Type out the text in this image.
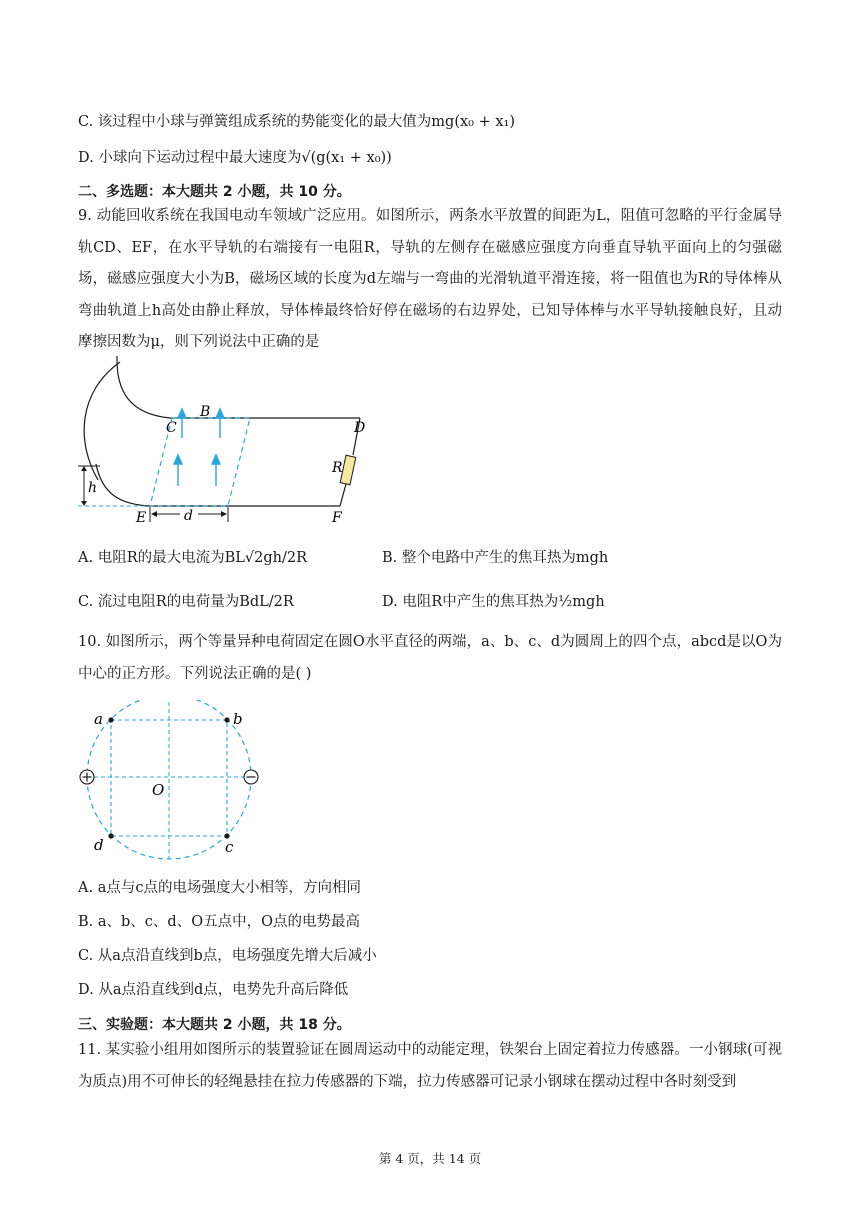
C. 该过程中小球与弹簧组成系统的势能变化的最大值为mg(x₀ + x₁)
D. 小球向下运动过程中最大速度为√(g(x₁ + x₀))
二、多选题：本大题共 2 小题，共 10 分。
9. 动能回收系统在我国电动车领域广泛应用。如图所示，两条水平放置的间距为L，阻值可忽略的平行金属导轨CD、EF，在水平导轨的右端接有一电阻R，导轨的左侧存在磁感应强度方向垂直导轨平面向上的匀强磁场，磁感应强度大小为B，磁场区域的长度为d左端与一弯曲的光滑轨道平滑连接，将一阻值也为R的导体棒从弯曲轨道上h高处由静止释放，导体棒最终恰好停在磁场的右边界处，已知导体棒与水平导轨接触良好，且动摩擦因数为μ，则下列说法中正确的是
C
B
D
R
h
E	d	F
A. 电阻R的最大电流为BL√2gh/2R	B. 整个电路中产生的焦耳热为mgh
C. 流过电阻R的电荷量为BdL/2R	D. 电阻R中产生的焦耳热为½mgh
10. 如图所示，两个等量异种电荷固定在圆O水平直径的两端，a、b、c、d为圆周上的四个点，abcd是以O为中心的正方形。下列说法正确的是( )
a	b
d	c
O
A. a点与c点的电场强度大小相等，方向相同
B. a、b、c、d、O五点中，O点的电势最高
C. 从a点沿直线到b点，电场强度先增大后减小
D. 从a点沿直线到d点，电势先升高后降低
三、实验题：本大题共 2 小题，共 18 分。
11. 某实验小组用如图所示的装置验证在圆周运动中的动能定理，铁架台上固定着拉力传感器。一小钢球(可视为质点)用不可伸长的轻绳悬挂在拉力传感器的下端，拉力传感器可记录小钢球在摆动过程中各时刻受到
第 4 页，共 14 页
